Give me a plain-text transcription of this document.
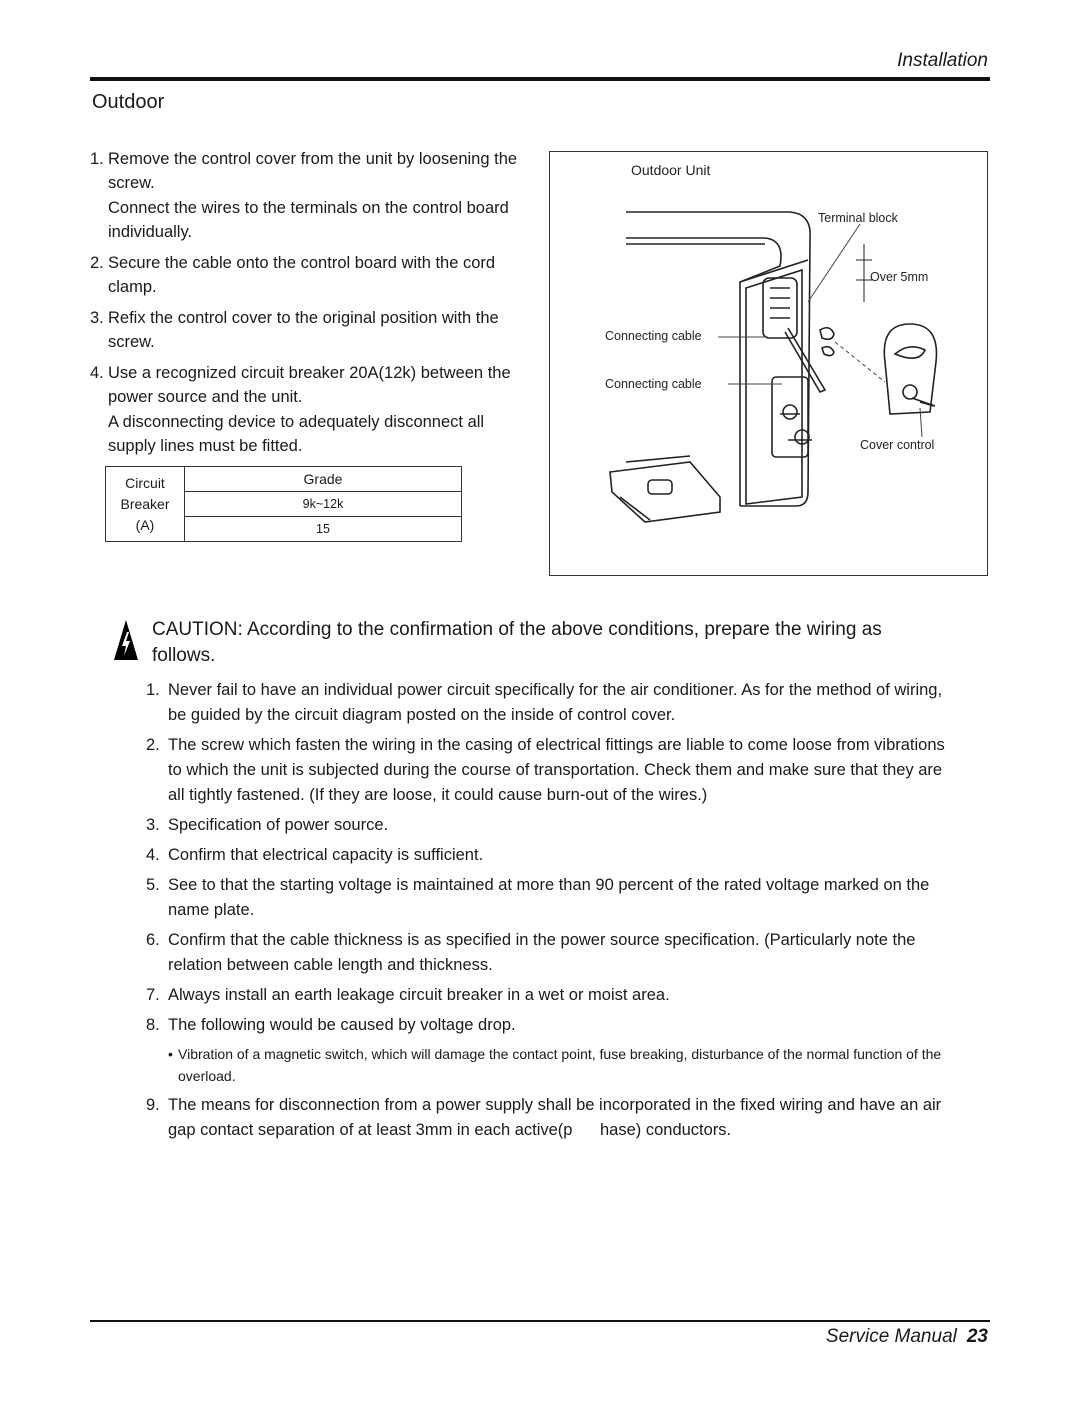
Installation
Outdoor
1. Remove the control cover from the unit by loosening the screw.

Connect the wires to the terminals on the control board individually.

2. Secure the cable onto the control board with the cord clamp.

3. Refix the control cover to the original position with the screw.

4. Use a recognized circuit breaker 20A(12k) between the power source and the unit.

A disconnecting device to adequately disconnect all supply lines must be fitted.

Circuit
Breaker
(A)	Grade
9k~12k
15
Outdoor Unit
Terminal block
Over 5mm
Connecting cable
Connecting cable
Cover control
CAUTION: According to the confirmation of the above conditions, prepare the wiring as follows.
1. Never fail to have an individual power circuit specifically for the air conditioner. As for the method of wiring, be guided by the circuit diagram posted on the inside of control cover.

2. The screw which fasten the wiring in the casing of electrical fittings are liable to come loose from vibrations to which the unit is subjected during the course of transportation. Check them and make sure that they are all tightly fastened. (If they are loose, it could cause burn-out of the wires.)

3. Specification of power source.

4. Confirm that electrical capacity is sufficient.

5. See to that the starting voltage is maintained at more than 90 percent of the rated voltage marked on the name plate.

6. Confirm that the cable thickness is as specified in the power source specification. (Particularly note the relation between cable length and thickness.

7. Always install an earth leakage circuit breaker in a wet or moist area.

8. The following would be caused by voltage drop.

• Vibration of a magnetic switch, which will damage the contact point, fuse breaking, disturbance of the normal function of the overload.
9. The means for disconnection from a power supply shall be incorporated in the fixed wiring and have an air gap contact separation of at least 3mm in each active(p      hase) conductors.

Service Manual 23
